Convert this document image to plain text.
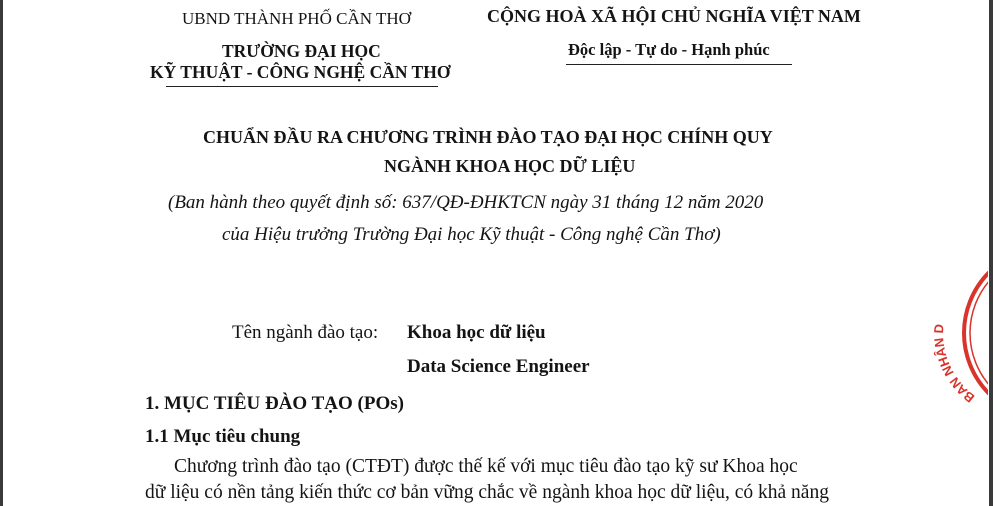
UBND THÀNH PHỐ CẦN THƠ
TRƯỜNG ĐẠI HỌC
KỸ THUẬT - CÔNG NGHỆ CẦN THƠ
CỘNG HOÀ XÃ HỘI CHỦ NGHĨA VIỆT NAM
Độc lập - Tự do - Hạnh phúc
CHUẨN ĐẦU RA CHƯƠNG TRÌNH ĐÀO TẠO ĐẠI HỌC CHÍNH QUY
NGÀNH KHOA HỌC DỮ LIỆU
(Ban hành theo quyết định số: 637/QĐ-ĐHKTCN ngày 31 tháng 12 năm 2020
của Hiệu trưởng Trường Đại học Kỹ thuật - Công nghệ Cần Thơ)
Tên ngành đào tạo: Khoa học dữ liệu
Data Science Engineer
1. MỤC TIÊU ĐÀO TẠO (POs)
1.1 Mục tiêu chung
Chương trình đào tạo (CTĐT) được thế kế với mục tiêu đào tạo kỹ sư Khoa học
dữ liệu có nền tảng kiến thức cơ bản vững chắc về ngành khoa học dữ liệu, có khả năng
BAN NHÂN D
